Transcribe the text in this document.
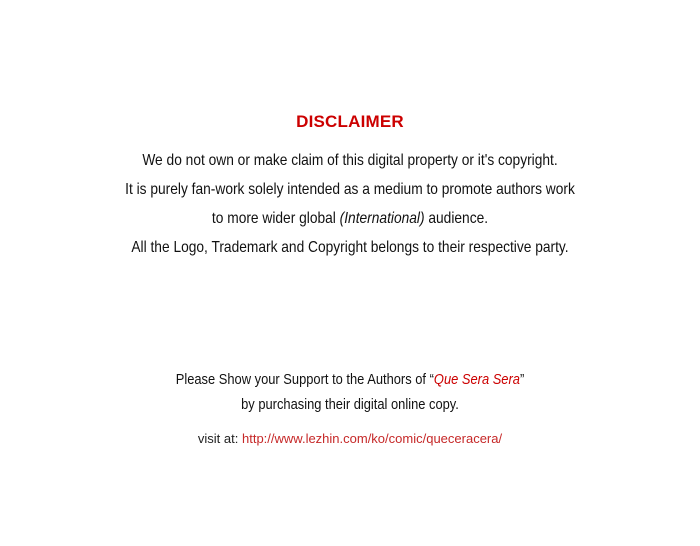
DISCLAIMER
We do not own or make claim of this digital property or it's copyright.
It is purely fan-work solely intended as a medium to promote authors work
to more wider global (International) audience.
All the Logo, Trademark and Copyright belongs to their respective party.
Please Show your Support to the Authors of “Que Sera Sera”
by purchasing their digital online copy.
visit at: http://www.lezhin.com/ko/comic/queceracera/
